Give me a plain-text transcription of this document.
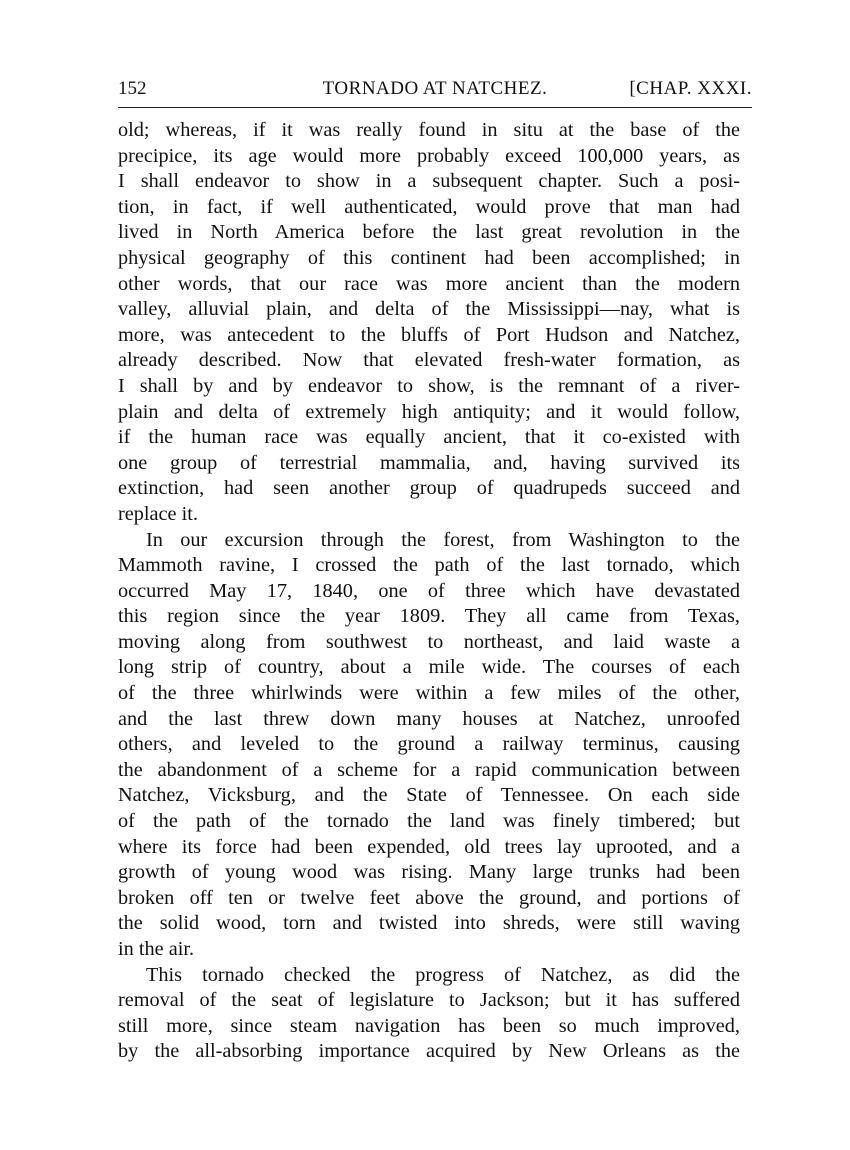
152	TORNADO AT NATCHEZ.	[CHAP. XXXI.
old; whereas, if it was really found in situ at the base of the
precipice, its age would more probably exceed 100,000 years, as
I shall endeavor to show in a subsequent chapter. Such a posi-
tion, in fact, if well authenticated, would prove that man had
lived in North America before the last great revolution in the
physical geography of this continent had been accomplished; in
other words, that our race was more ancient than the modern
valley, alluvial plain, and delta of the Mississippi—nay, what is
more, was antecedent to the bluffs of Port Hudson and Natchez,
already described. Now that elevated fresh-water formation, as
I shall by and by endeavor to show, is the remnant of a river-
plain and delta of extremely high antiquity; and it would follow,
if the human race was equally ancient, that it co-existed with
one group of terrestrial mammalia, and, having survived its
extinction, had seen another group of quadrupeds succeed and
replace it.
In our excursion through the forest, from Washington to the
Mammoth ravine, I crossed the path of the last tornado, which
occurred May 17, 1840, one of three which have devastated
this region since the year 1809. They all came from Texas,
moving along from southwest to northeast, and laid waste a
long strip of country, about a mile wide. The courses of each
of the three whirlwinds were within a few miles of the other,
and the last threw down many houses at Natchez, unroofed
others, and leveled to the ground a railway terminus, causing
the abandonment of a scheme for a rapid communication between
Natchez, Vicksburg, and the State of Tennessee. On each side
of the path of the tornado the land was finely timbered; but
where its force had been expended, old trees lay uprooted, and a
growth of young wood was rising. Many large trunks had been
broken off ten or twelve feet above the ground, and portions of
the solid wood, torn and twisted into shreds, were still waving
in the air.
This tornado checked the progress of Natchez, as did the
removal of the seat of legislature to Jackson; but it has suffered
still more, since steam navigation has been so much improved,
by the all-absorbing importance acquired by New Orleans as the
